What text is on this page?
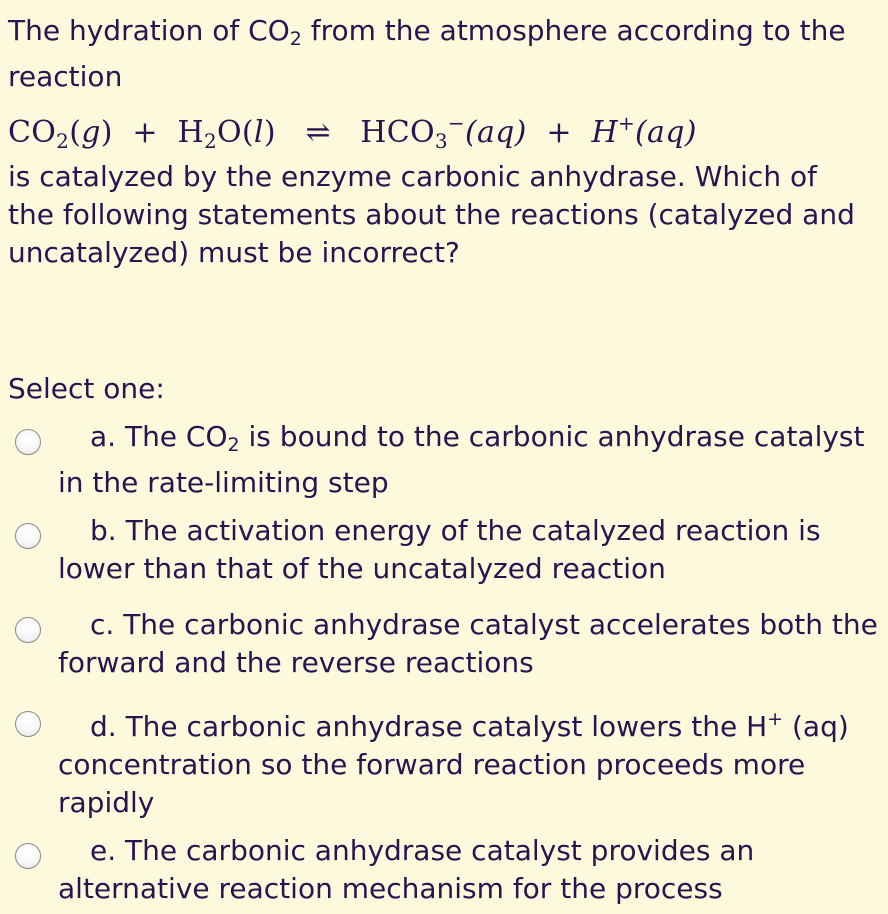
The hydration of $CO_2$ from the atmosphere according to the reaction
$CO_2(g) + H_2O(l)$   ⇌   $HCO_3^-(aq) + H^+(aq)$
is catalyzed by the enzyme carbonic anhydrase. Which of the following statements about the reactions (catalyzed and uncatalyzed) must be incorrect?
Select one:
a. The $CO_2$ is bound to the carbonic anhydrase catalyst in the rate-limiting step
b. The activation energy of the catalyzed reaction is lower than that of the uncatalyzed reaction
c. The carbonic anhydrase catalyst accelerates both the forward and the reverse reactions
d. The carbonic anhydrase catalyst lowers the H+ (aq) concentration so the forward reaction proceeds more rapidly
e. The carbonic anhydrase catalyst provides an alternative reaction mechanism for the process
